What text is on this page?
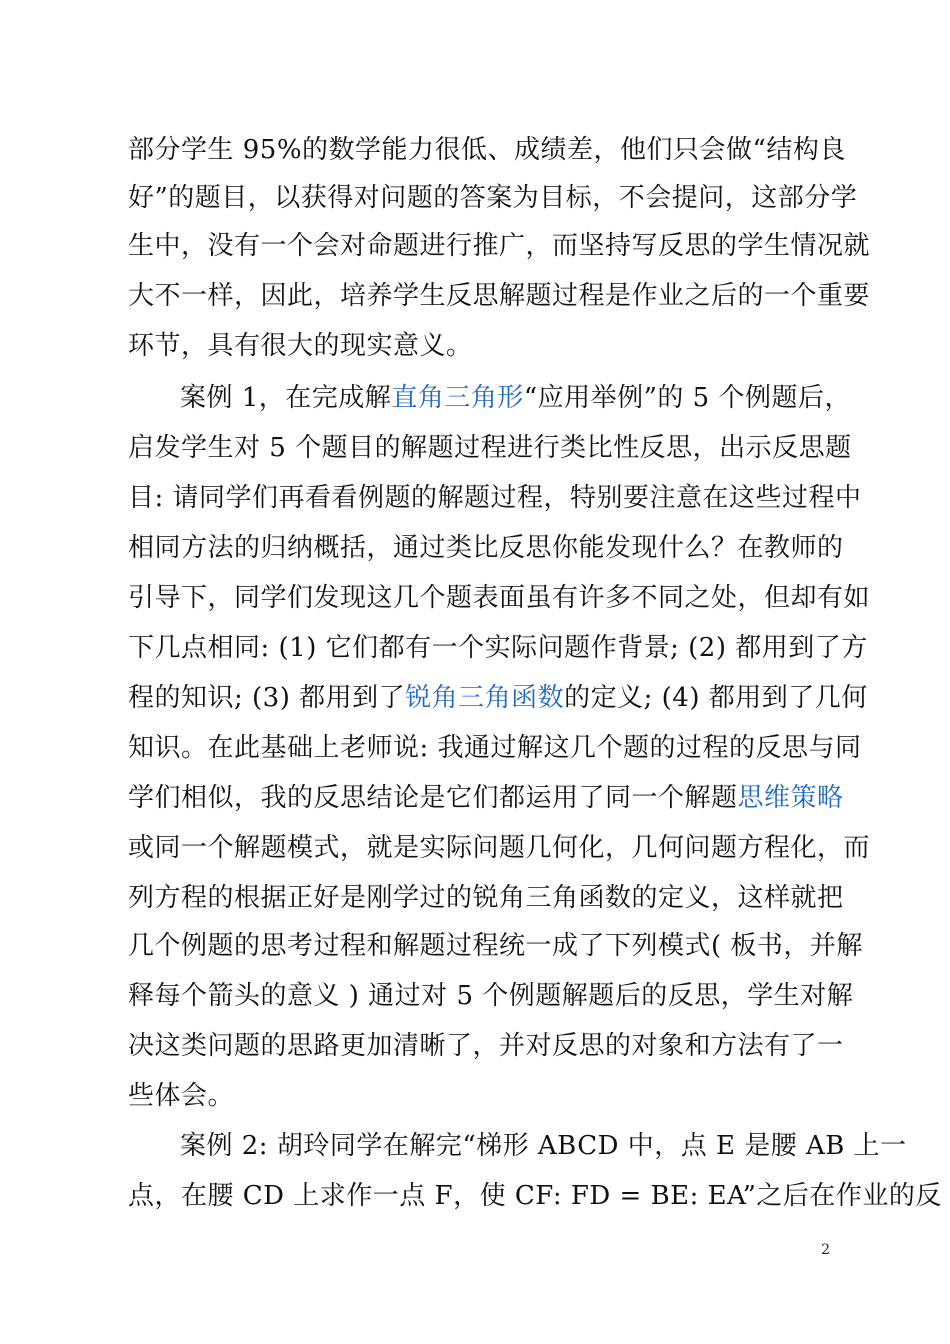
部分学生 95%的数学能力很低、成绩差，他们只会做“结构良
好”的题目，以获得对问题的答案为目标，不会提问，这部分学
生中，没有一个会对命题进行推广，而坚持写反思的学生情况就
大不一样，因此，培养学生反思解题过程是作业之后的一个重要
环节，具有很大的现实意义。
案例 1，在完成解直角三角形“应用举例”的 5 个例题后，
启发学生对 5 个题目的解题过程进行类比性反思，出示反思题
目: 请同学们再看看例题的解题过程，特别要注意在这些过程中
相同方法的归纳概括，通过类比反思你能发现什么？在教师的
引导下，同学们发现这几个题表面虽有许多不同之处，但却有如
下几点相同: (1) 它们都有一个实际问题作背景; (2) 都用到了方
程的知识; (3) 都用到了锐角三角函数的定义; (4) 都用到了几何
知识。在此基础上老师说: 我通过解这几个题的过程的反思与同
学们相似，我的反思结论是它们都运用了同一个解题思维策略
或同一个解题模式，就是实际问题几何化，几何问题方程化，而
列方程的根据正好是刚学过的锐角三角函数的定义，这样就把
几个例题的思考过程和解题过程统一成了下列模式( 板书，并解
释每个箭头的意义 ) 通过对 5 个例题解题后的反思，学生对解
决这类问题的思路更加清晰了，并对反思的对象和方法有了一
些体会。
案例 2: 胡玲同学在解完“梯形 ABCD 中，点 E 是腰 AB 上一
点，在腰 CD 上求作一点 F，使 CF: FD = BE: EA”之后在作业的反
2
